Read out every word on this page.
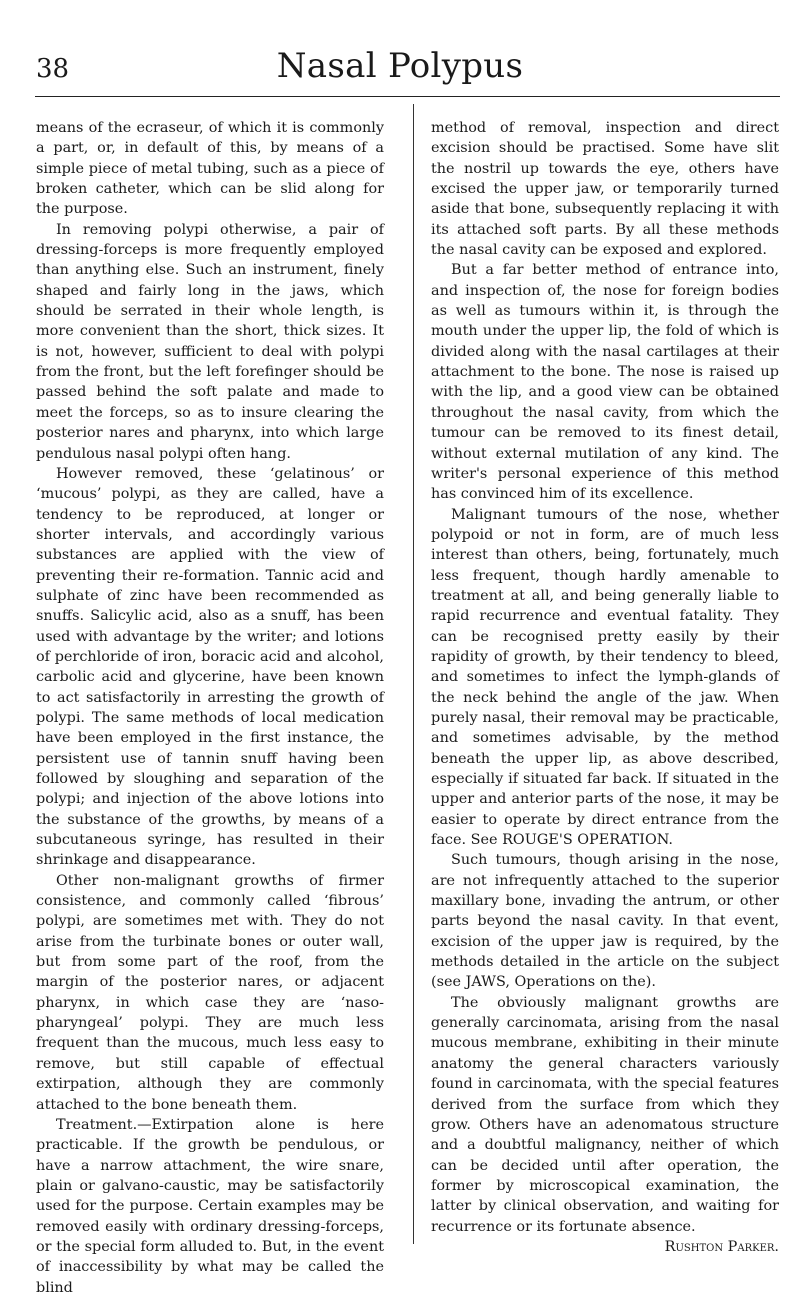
38	Nasal Polypus

means of the ecraseur, of which it is commonly a part, or, in default of this, by means of a simple piece of metal tubing, such as a piece of broken catheter, which can be slid along for the purpose.

In removing polypi otherwise, a pair of dressing-forceps is more frequently employed than anything else. Such an instrument, finely shaped and fairly long in the jaws, which should be serrated in their whole length, is more convenient than the short, thick sizes. It is not, however, sufficient to deal with polypi from the front, but the left forefinger should be passed behind the soft palate and made to meet the forceps, so as to insure clearing the posterior nares and pharynx, into which large pendulous nasal polypi often hang.

However removed, these ‘gelatinous’ or ‘mucous’ polypi, as they are called, have a tendency to be reproduced, at longer or shorter intervals, and accordingly various substances are applied with the view of preventing their re-formation. Tannic acid and sulphate of zinc have been recommended as snuffs. Salicylic acid, also as a snuff, has been used with advantage by the writer; and lotions of perchloride of iron, boracic acid and alcohol, carbolic acid and glycerine, have been known to act satisfactorily in arresting the growth of polypi. The same methods of local medication have been employed in the first instance, the persistent use of tannin snuff having been followed by sloughing and separation of the polypi; and injection of the above lotions into the substance of the growths, by means of a subcutaneous syringe, has resulted in their shrinkage and disappearance.

Other non-malignant growths of firmer consistence, and commonly called ‘fibrous’ polypi, are sometimes met with. They do not arise from the turbinate bones or outer wall, but from some part of the roof, from the margin of the posterior nares, or adjacent pharynx, in which case they are ‘naso-pharyngeal’ polypi. They are much less frequent than the mucous, much less easy to remove, but still capable of effectual extirpation, although they are commonly attached to the bone beneath them.

Treatment.—Extirpation alone is here practicable. If the growth be pendulous, or have a narrow attachment, the wire snare, plain or galvano-caustic, may be satisfactorily used for the purpose. Certain examples may be removed easily with ordinary dressing-forceps, or the special form alluded to. But, in the event of inaccessibility by what may be called the blind

method of removal, inspection and direct excision should be practised. Some have slit the nostril up towards the eye, others have excised the upper jaw, or temporarily turned aside that bone, subsequently replacing it with its attached soft parts. By all these methods the nasal cavity can be exposed and explored.

But a far better method of entrance into, and inspection of, the nose for foreign bodies as well as tumours within it, is through the mouth under the upper lip, the fold of which is divided along with the nasal cartilages at their attachment to the bone. The nose is raised up with the lip, and a good view can be obtained throughout the nasal cavity, from which the tumour can be removed to its finest detail, without external mutilation of any kind. The writer's personal experience of this method has convinced him of its excellence.

Malignant tumours of the nose, whether polypoid or not in form, are of much less interest than others, being, fortunately, much less frequent, though hardly amenable to treatment at all, and being generally liable to rapid recurrence and eventual fatality. They can be recognised pretty easily by their rapidity of growth, by their tendency to bleed, and sometimes to infect the lymph-glands of the neck behind the angle of the jaw. When purely nasal, their removal may be practicable, and sometimes advisable, by the method beneath the upper lip, as above described, especially if situated far back. If situated in the upper and anterior parts of the nose, it may be easier to operate by direct entrance from the face. See ROUGE'S OPERATION.

Such tumours, though arising in the nose, are not infrequently attached to the superior maxillary bone, invading the antrum, or other parts beyond the nasal cavity. In that event, excision of the upper jaw is required, by the methods detailed in the article on the subject (see JAWS, Operations on the).

The obviously malignant growths are generally carcinomata, arising from the nasal mucous membrane, exhibiting in their minute anatomy the general characters variously found in carcinomata, with the special features derived from the surface from which they grow. Others have an adenomatous structure and a doubtful malignancy, neither of which can be decided until after operation, the former by microscopical examination, the latter by clinical observation, and waiting for recurrence or its fortunate absence.

Rushton Parker.
